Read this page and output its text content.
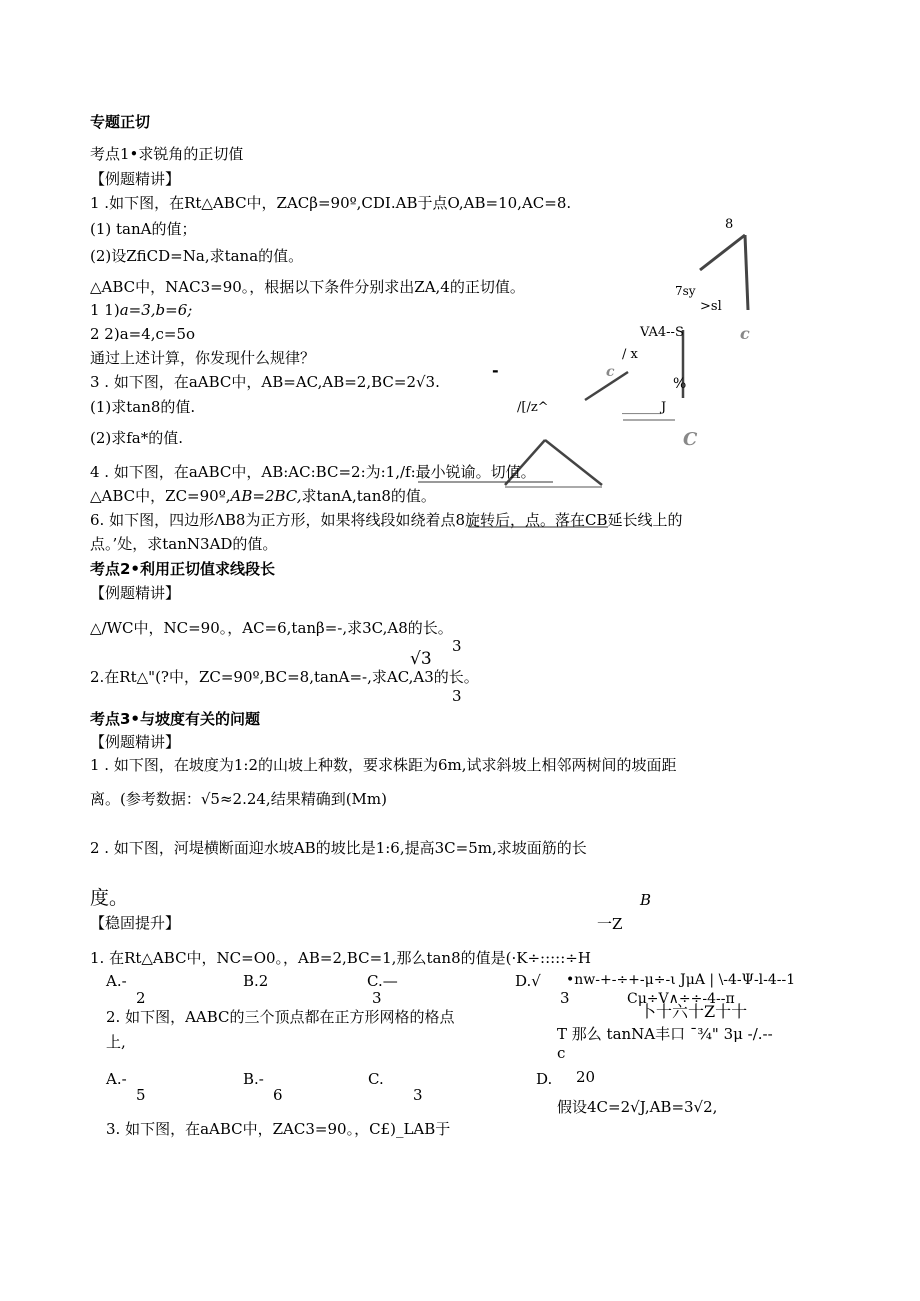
专题正切
考点1•求锐角的正切值
【例题精讲】
1 .如下图，在Rt△ABC中，ZACβ=90º,CDI.AB于点O,AB=10,AC=8.
(1) tanA的值；
(2)设ZfiCD=Na,求tana的值。
△ABC中，NAC3=90。，根据以下条件分别求出ZA,4的正切值。
1 1)a=3,b=6;
2 2)a=4,c=5o
通过上述计算，你发现什么规律？
3 . 如下图，在aABC中，AB=AC,AB=2,BC=2√3.
(1)求tan8的值.
(2)求fa*的值.
4 . 如下图，在aABC中，AB:AC:BC=2:为:1,/f:最小锐谕。切值。
△ABC中，ZC=90º,AB=2BC,求tanA,tan8的值。
6. 如下图，四边形ΛB8为正方形，如果将线段如绕着点8旋转后，点。落在CB延长线上的
点。’处，求tanN3AD的值。
考点2•利用正切值求线段长
【例题精讲】
△/WC中，NC=90。，AC=6,tanβ=-,求3C,A8的长。
3
√3
2.在Rt△"(?中，ZC=90º,BC=8,tanA=-,求AC,A3的长。
3
考点3•与坡度有关的问题
【例题精讲】
1 . 如下图，在坡度为1:2的山坡上种数，要求株距为6m,试求斜坡上相邻两树间的坡面距
离。(参考数据：√5≈2.24,结果精确到(Mm)
2 . 如下图，河堤横断面迎水坡AB的坡比是1:6,提高3C=5m,求坡面筋的长
度。	B
一Z
【稳固提升】
1. 在Rt△ABC中，NC=O0。，AB=2,BC=1,那么tan8的值是(·K÷:::::÷H
A.-	B.2	C.—	D.√
2	3	3
2. 如下图，AABC的三个顶点都在正方形网格的格点
上,
A.-	B.-	C.	D.
5	6	3
3. 如下图，在aABC中，ZAC3=90。，C£)_LAB于
•nw-+-÷+-μ÷-ι JμA | \-4-Ψ-l-4--1
Cμ÷V∧÷÷-4--π
卜十六十Z十十
T 那么 tanNA丰口 ¯¾" 3μ -/.--
c
20
假设4C=2√J,AB=3√2,
8
7sy
>sl
c
VA4--S
/ x
-	c
%
/[/z^	______J
C
